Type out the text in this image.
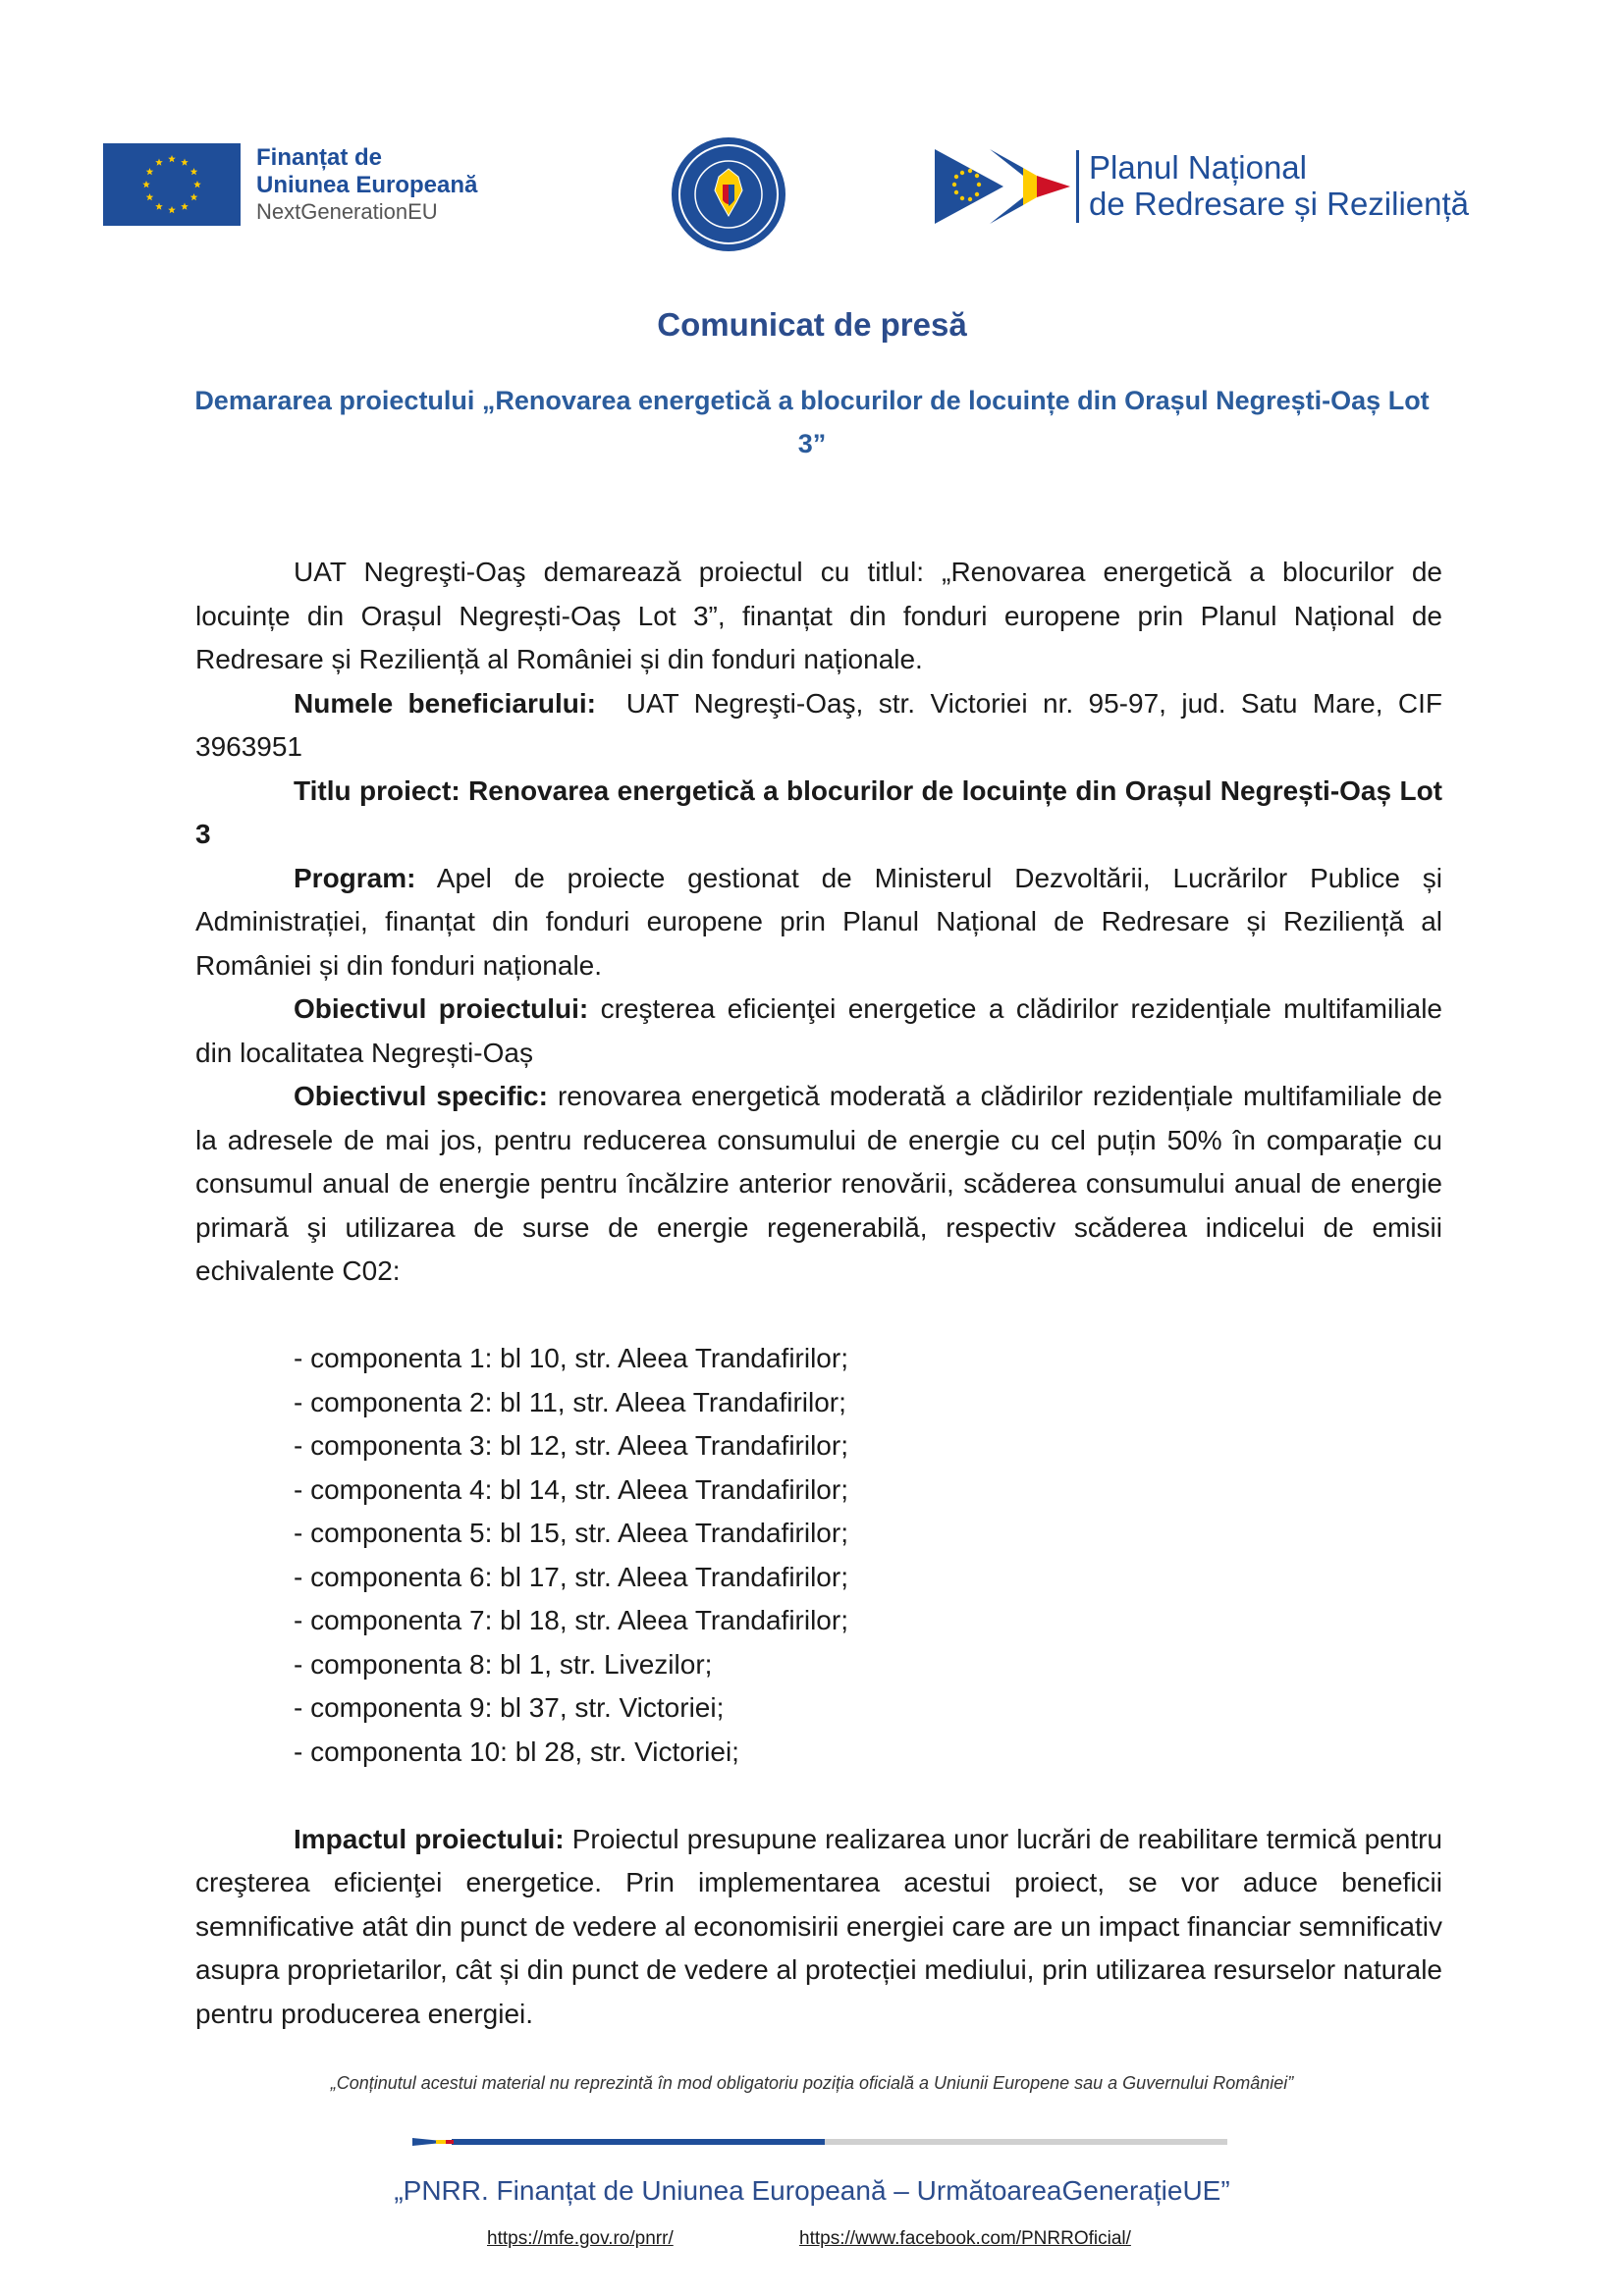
Finanțat de
Uniunea Europeană
NextGenerationEU
Planul Național
de Redresare și Reziliență
Comunicat de presă
Demararea proiectului „Renovarea energetică a blocurilor de locuințe din Orașul Negrești-Oaș Lot 3”

UAT Negreşti-Oaş demarează proiectul cu titlul: „Renovarea energetică a blocurilor de locuințe din Orașul Negrești-Oaș Lot 3”, finanțat din fonduri europene prin Planul Național de Redresare și Reziliență al României și din fonduri naționale.

Numele beneficiarului: UAT Negreşti-Oaş, str. Victoriei nr. 95-97, jud. Satu Mare, CIF 3963951

Titlu proiect: Renovarea energetică a blocurilor de locuințe din Orașul Negrești-Oaș Lot 3

Program: Apel de proiecte gestionat de Ministerul Dezvoltării, Lucrărilor Publice și Administrației, finanțat din fonduri europene prin Planul Național de Redresare și Reziliență al României și din fonduri naționale.

Obiectivul proiectului: creşterea eficienţei energetice a clădirilor rezidențiale multifamiliale din localitatea Negrești-Oaș

Obiectivul specific: renovarea energetică moderată a clădirilor rezidențiale multifamiliale de la adresele de mai jos, pentru reducerea consumului de energie cu cel puțin 50% în comparație cu consumul anual de energie pentru încălzire anterior renovării, scăderea consumului anual de energie primară şi utilizarea de surse de energie regenerabilă, respectiv scăderea indicelui de emisii echivalente C02:

- componenta 1: bl 10, str. Aleea Trandafirilor;
- componenta 2: bl 11, str. Aleea Trandafirilor;
- componenta 3: bl 12, str. Aleea Trandafirilor;
- componenta 4: bl 14, str. Aleea Trandafirilor;
- componenta 5: bl 15, str. Aleea Trandafirilor;
- componenta 6: bl 17, str. Aleea Trandafirilor;
- componenta 7: bl 18, str. Aleea Trandafirilor;
- componenta 8: bl 1, str. Livezilor;
- componenta 9: bl 37, str. Victoriei;
- componenta 10: bl 28, str. Victoriei;

Impactul proiectului: Proiectul presupune realizarea unor lucrări de reabilitare termică pentru creşterea eficienţei energetice. Prin implementarea acestui proiect, se vor aduce beneficii semnificative atât din punct de vedere al economisirii energiei care are un impact financiar semnificativ asupra proprietarilor, cât și din punct de vedere al protecției mediului, prin utilizarea resurselor naturale pentru producerea energiei.

„Conținutul acestui material nu reprezintă în mod obligatoriu poziția oficială a Uniunii Europene sau a Guvernului României”
„PNRR. Finanțat de Uniunea Europeană – UrmătoareaGenerațieUE”
https://mfe.gov.ro/pnrr/	https://www.facebook.com/PNRROficial/
